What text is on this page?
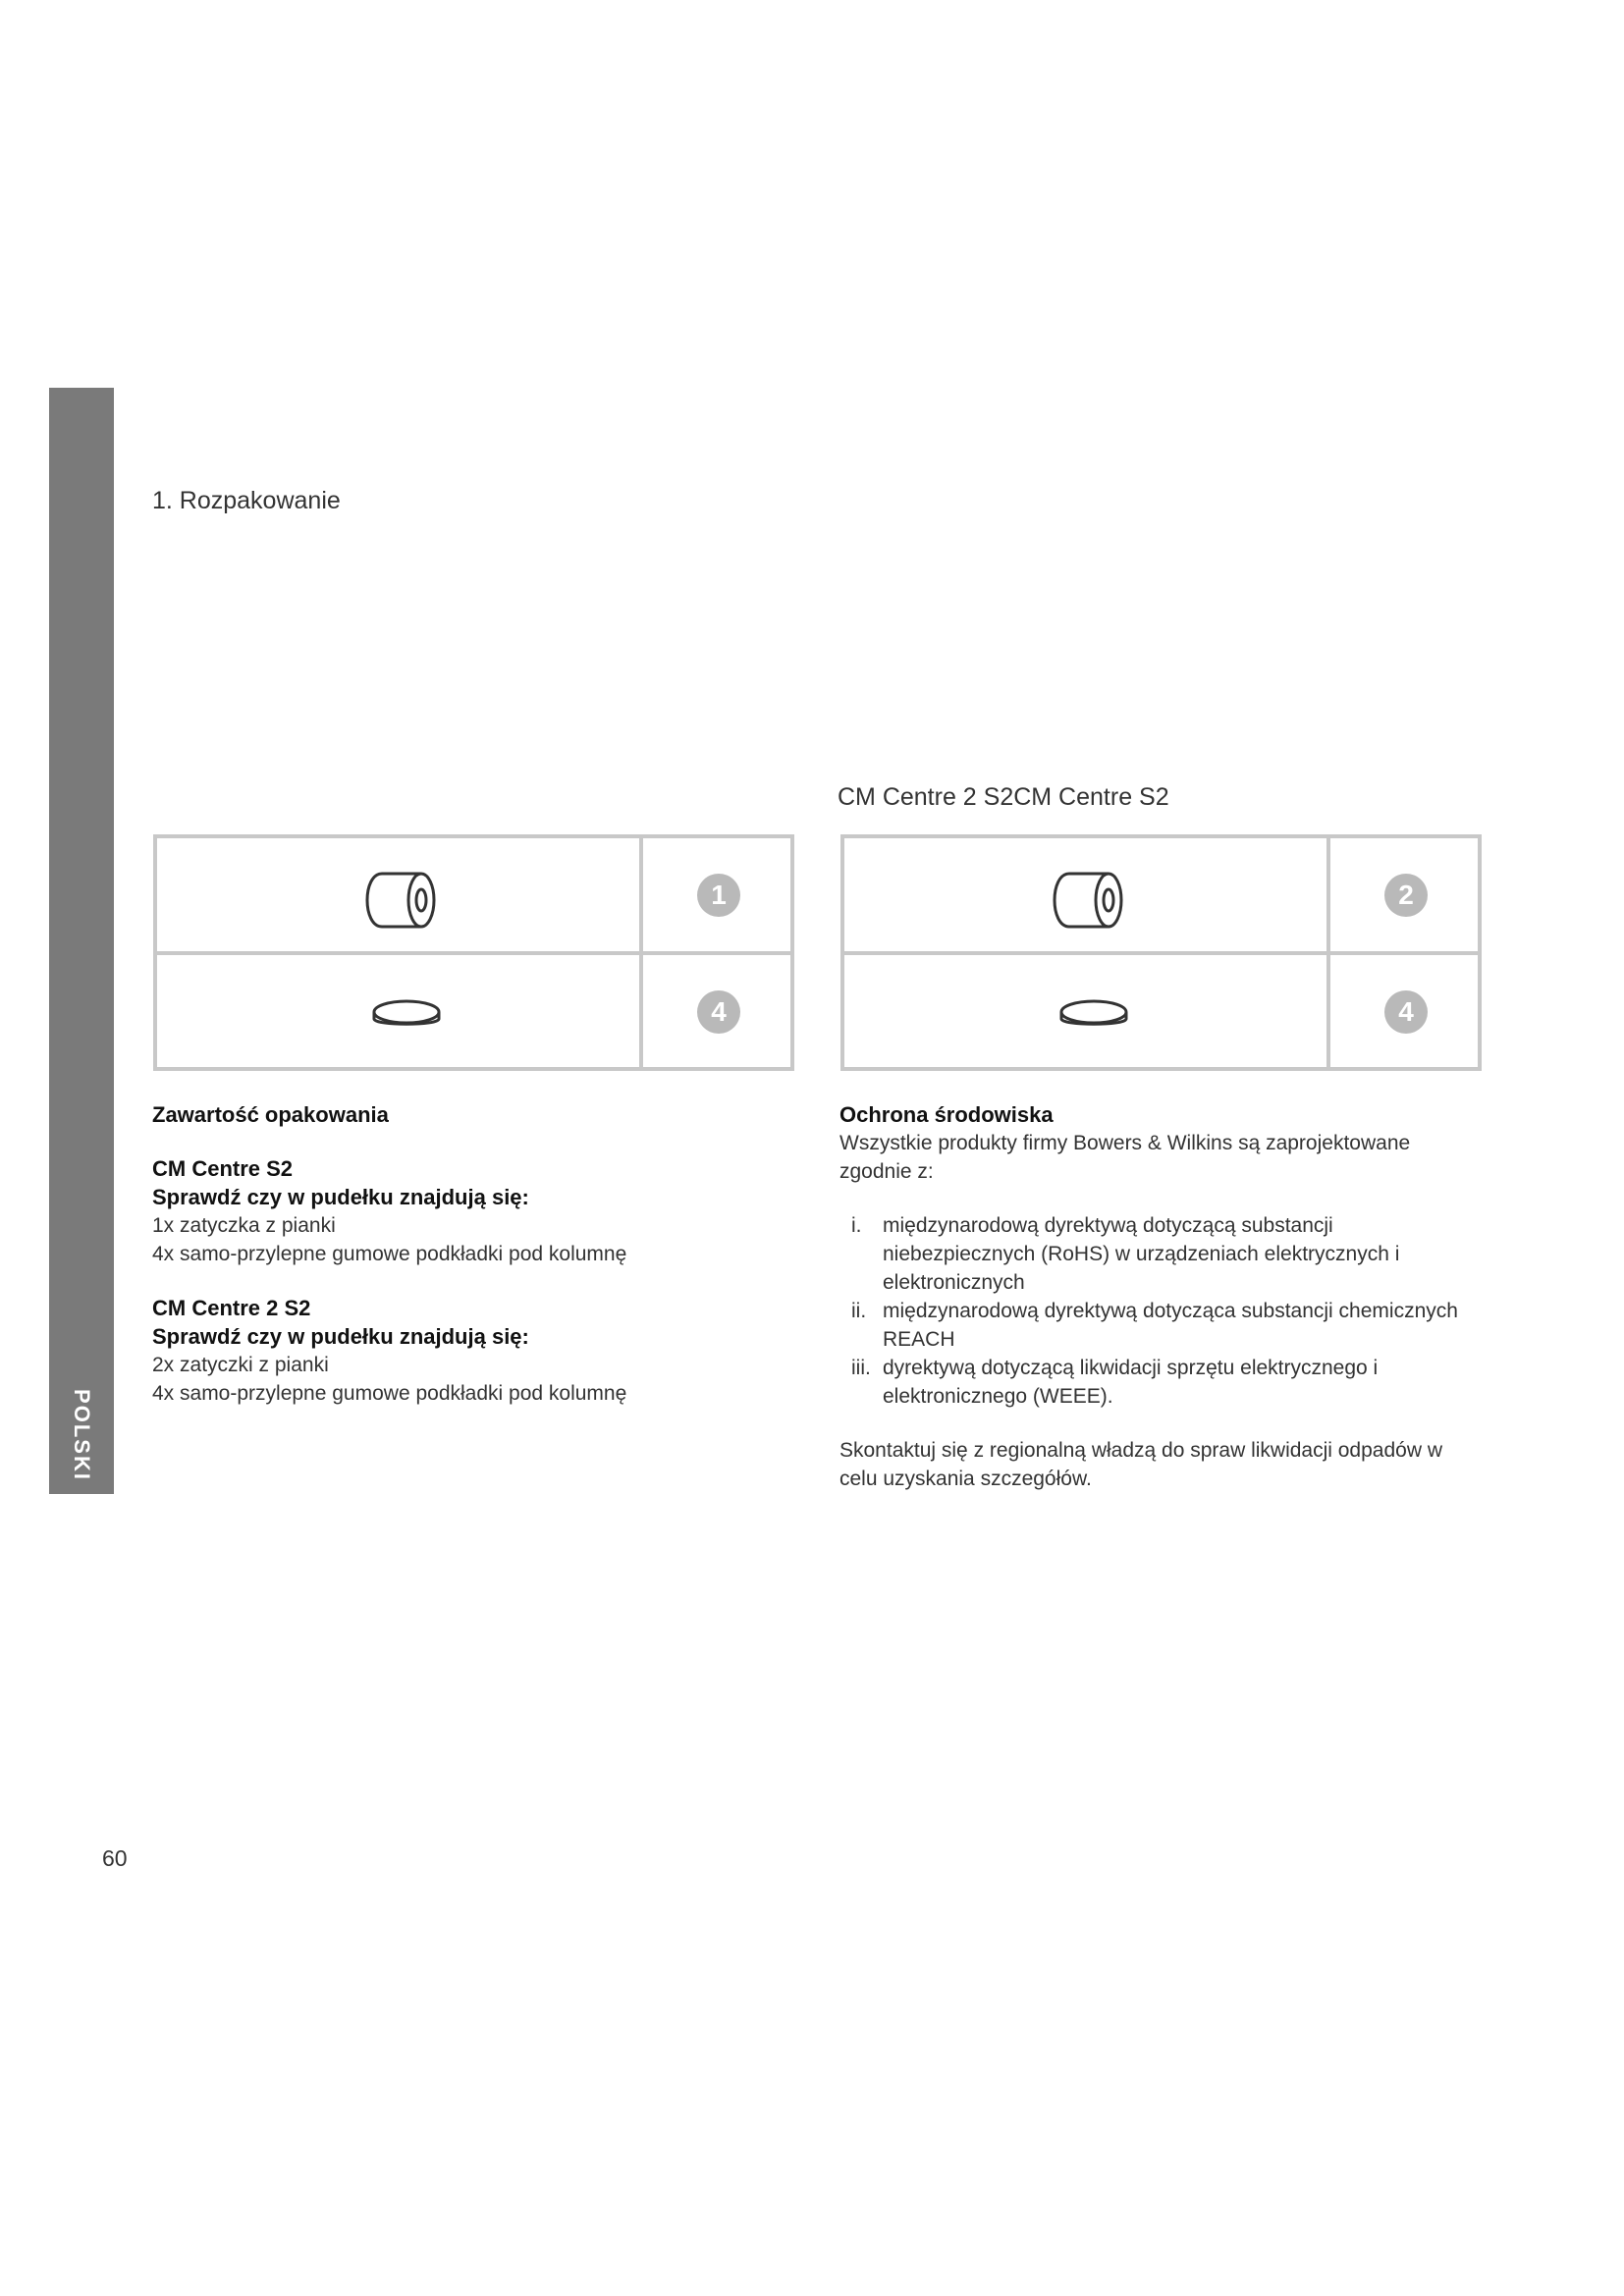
POLSKI
1. Rozpakowanie
CM Centre 2 S2CM Centre S2
1
4
2
4

Zawartość opakowania

CM Centre S2

Sprawdź czy w pudełku znajdują się:

1x zatyczka z pianki

4x samo-przylepne gumowe podkładki pod kolumnę

CM Centre 2 S2

Sprawdź czy w pudełku znajdują się:

2x zatyczki z pianki

4x samo-przylepne gumowe podkładki pod kolumnę

Ochrona środowiska

Wszystkie produkty firmy Bowers & Wilkins są zaprojektowane zgodnie z:

i. międzynarodową dyrektywą dotyczącą substancji niebezpiecznych (RoHS) w urządzeniach elektrycznych i elektronicznych
ii. międzynarodową dyrektywą dotycząca substancji chemicznych REACH
iii. dyrektywą dotyczącą likwidacji sprzętu elektrycznego i elektronicznego (WEEE).

Skontaktuj się z regionalną władzą do spraw likwidacji odpadów w celu uzyskania szczegółów.

60
